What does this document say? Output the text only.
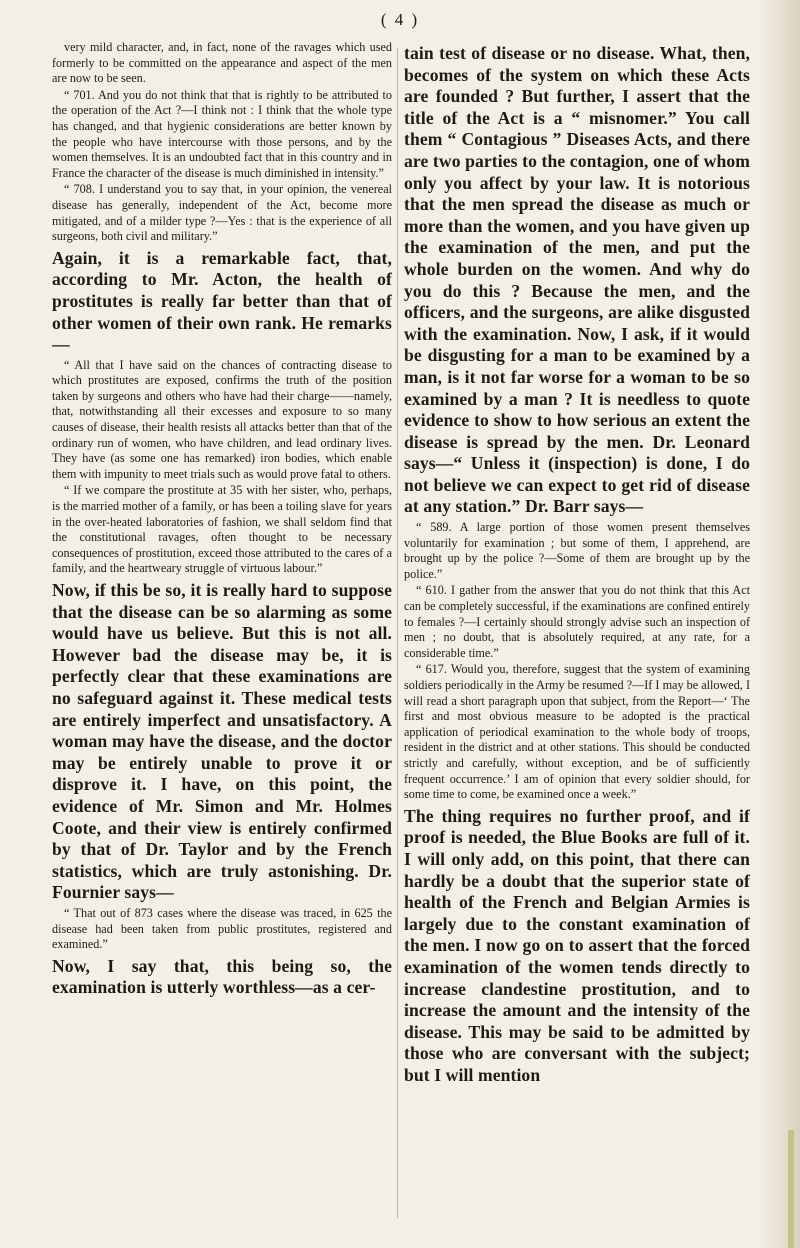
( 4 )

very mild character, and, in fact, none of the ravages which used formerly to be committed on the appearance and aspect of the men are now to be seen.

“ 701. And you do not think that that is rightly to be attributed to the operation of the Act ?—I think not : I think that the whole type has changed, and that hygienic considerations are better known by the people who have intercourse with those persons, and by the women themselves. It is an undoubted fact that in this country and in France the character of the disease is much diminished in intensity.”

“ 708. I understand you to say that, in your opinion, the venereal disease has generally, independent of the Act, become more mitigated, and of a milder type ?—Yes : that is the experience of all surgeons, both civil and military.”

Again, it is a remarkable fact, that, according to Mr. Acton, the health of prostitutes is really far better than that of other women of their own rank. He remarks—

“ All that I have said on the chances of contracting disease to which prostitutes are exposed, confirms the truth of the position taken by surgeons and others who have had their charge——namely, that, notwithstanding all their excesses and exposure to so many causes of disease, their health resists all attacks better than that of the ordinary run of women, who have children, and lead ordinary lives. They have (as some one has remarked) iron bodies, which enable them with impunity to meet trials such as would prove fatal to others.

“ If we compare the prostitute at 35 with her sister, who, perhaps, is the married mother of a family, or has been a toiling slave for years in the over-heated laboratories of fashion, we shall seldom find that the constitutional ravages, often thought to be necessary consequences of prostitution, exceed those attributed to the cares of a family, and the heartweary struggle of virtuous labour.”

Now, if this be so, it is really hard to suppose that the disease can be so alarming as some would have us believe. But this is not all. However bad the disease may be, it is perfectly clear that these examinations are no safeguard against it. These medical tests are entirely imperfect and unsatisfactory. A woman may have the disease, and the doctor may be entirely unable to prove it or disprove it. I have, on this point, the evidence of Mr. Simon and Mr. Holmes Coote, and their view is entirely confirmed by that of Dr. Taylor and by the French statistics, which are truly astonishing. Dr. Fournier says—

“ That out of 873 cases where the disease was traced, in 625 the disease had been taken from public prostitutes, registered and examined.”

Now, I say that, this being so, the examination is utterly worthless—as a cer-

tain test of disease or no disease. What, then, becomes of the system on which these Acts are founded ? But further, I assert that the title of the Act is a “ misnomer.” You call them “ Contagious ” Diseases Acts, and there are two parties to the contagion, one of whom only you affect by your law. It is notorious that the men spread the disease as much or more than the women, and you have given up the examination of the men, and put the whole burden on the women. And why do you do this ? Because the men, and the officers, and the surgeons, are alike disgusted with the examination. Now, I ask, if it would be disgusting for a man to be examined by a man, is it not far worse for a woman to be so examined by a man ? It is needless to quote evidence to show to how serious an extent the disease is spread by the men. Dr. Leonard says—“ Unless it (inspection) is done, I do not believe we can expect to get rid of disease at any station.” Dr. Barr says—

“ 589. A large portion of those women present themselves voluntarily for examination ; but some of them, I apprehend, are brought up by the police ?—Some of them are brought up by the police.”

“ 610. I gather from the answer that you do not think that this Act can be completely successful, if the examinations are confined entirely to females ?—I certainly should strongly advise such an inspection of men ; no doubt, that is absolutely required, at any rate, for a considerable time.”

“ 617. Would you, therefore, suggest that the system of examining soldiers periodically in the Army be resumed ?—If I may be allowed, I will read a short paragraph upon that subject, from the Report—‘ The first and most obvious measure to be adopted is the practical application of periodical examination to the whole body of troops, resident in the district and at other stations. This should be conducted strictly and carefully, without exception, and be of sufficiently frequent occurrence.’ I am of opinion that every soldier should, for some time to come, be examined once a week.”

The thing requires no further proof, and if proof is needed, the Blue Books are full of it. I will only add, on this point, that there can hardly be a doubt that the superior state of health of the French and Belgian Armies is largely due to the constant examination of the men. I now go on to assert that the forced examination of the women tends directly to increase clandestine prostitution, and to increase the amount and the intensity of the disease. This may be said to be admitted by those who are conversant with the subject; but I will mention
